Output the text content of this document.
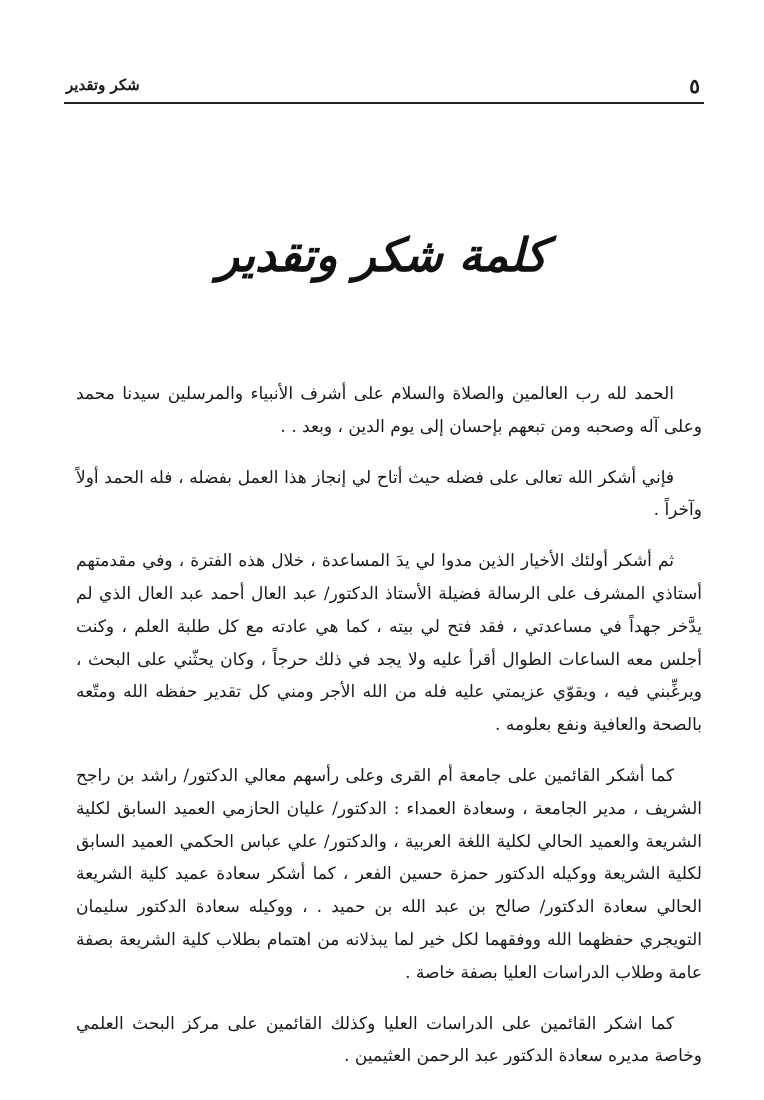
شكر وتقدير	٥
كلمة شكر وتقدير

الحمد لله رب العالمين والصلاة والسلام على أشرف الأنبياء والمرسلين سيدنا محمد وعلى آله وصحبه ومن تبعهم بإحسان إلى يوم الدين ، وبعد . .

فإني أشكر الله تعالى على فضله حيث أتاح لي إنجاز هذا العمل بفضله ، فله الحمد أولاً وآخراً .

ثم أشكر أولئك الأخيار الذين مدوا لي يدَ المساعدة ، خلال هذه الفترة ، وفي مقدمتهم أستاذي المشرف على الرسالة فضيلة الأستاذ الدكتور/ عبد العال أحمد عبد العال الذي لم يدَّخر جهداً في مساعدتي ، فقد فتح لي بيته ، كما هي عادته مع كل طلبة العلم ، وكنت أجلس معه الساعات الطوال أقرأ عليه ولا يجد في ذلك حرجاً ، وكان يحثّني على البحث ، ويرغِّبني فيه ، ويقوّي عزيمتي عليه فله من الله الأجر ومني كل تقدير حفظه الله ومتّعه بالصحة والعافية ونفع بعلومه .

كما أشكر القائمين على جامعة أم القرى وعلى رأسهم معالي الدكتور/ راشد بن راجح الشريف ، مدير الجامعة ، وسعادة العمداء : الدكتور/ عليان الحازمي العميد السابق لكلية الشريعة والعميد الحالي لكلية اللغة العربية ، والدكتور/ علي عباس الحكمي العميد السابق لكلية الشريعة ووكيله الدكتور حمزة حسين الفعر ، كما أشكر سعادة عميد كلية الشريعة الحالي سعادة الدكتور/ صالح بن عبد الله بن حميد . ، ووكيله سعادة الدكتور سليمان التويجري حفظهما الله ووفقهما لكل خير لما يبذلانه من اهتمام بطلاب كلية الشريعة بصفة عامة وطلاب الدراسات العليا بصفة خاصة .

كما اشكر القائمين على الدراسات العليا وكذلك القائمين على مركز البحث العلمي وخاصة مديره سعادة الدكتور عبد الرحمن العثيمين .
